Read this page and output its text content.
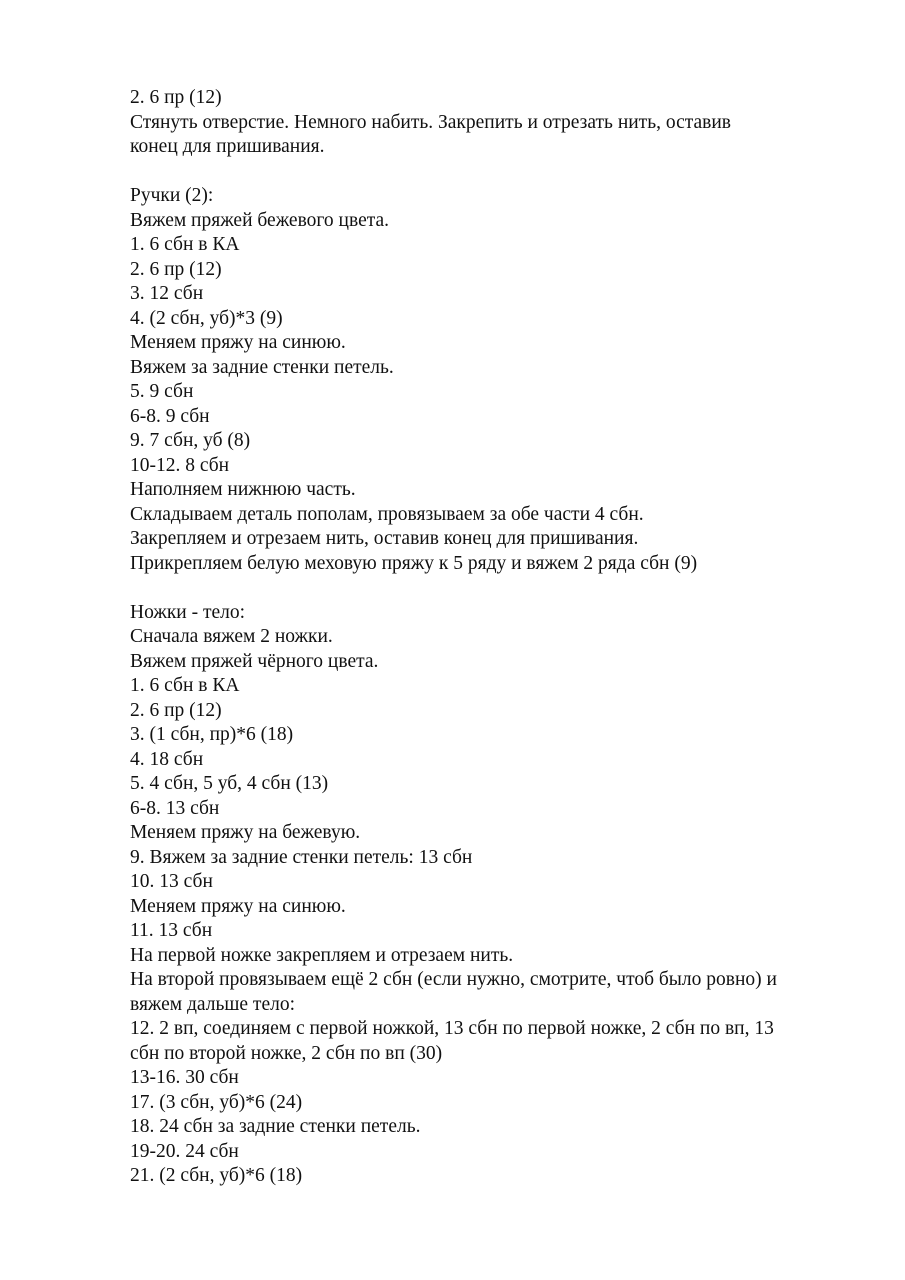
2. 6 пр (12)
Стянуть отверстие. Немного набить. Закрепить и отрезать нить, оставив
конец для пришивания.
Ручки (2):
Вяжем пряжей бежевого цвета.
1. 6 сбн в КА
2. 6 пр (12)
3. 12 сбн
4. (2 сбн, уб)*3 (9)
Меняем пряжу на синюю.
Вяжем за задние стенки петель.
5. 9 сбн
6-8. 9 сбн
9. 7 сбн, уб (8)
10-12. 8 сбн
Наполняем нижнюю часть.
Складываем деталь пополам, провязываем за обе части 4 сбн.
Закрепляем и отрезаем нить, оставив конец для пришивания.
Прикрепляем белую меховую пряжу к 5 ряду и вяжем 2 ряда сбн (9)
Ножки - тело:
Сначала вяжем 2 ножки.
Вяжем пряжей чёрного цвета.
1. 6 сбн в КА
2. 6 пр (12)
3. (1 сбн, пр)*6 (18)
4. 18 сбн
5. 4 сбн, 5 уб, 4 сбн (13)
6-8. 13 сбн
Меняем пряжу на бежевую.
9. Вяжем за задние стенки петель: 13 сбн
10. 13 сбн
Меняем пряжу на синюю.
11. 13 сбн
На первой ножке закрепляем и отрезаем нить.
На второй провязываем ещё 2 сбн (если нужно, смотрите, чтоб было ровно) и
вяжем дальше тело:
12. 2 вп, соединяем с первой ножкой, 13 сбн по первой ножке, 2 сбн по вп, 13
сбн по второй ножке, 2 сбн по вп (30)
13-16. 30 сбн
17. (3 сбн, уб)*6 (24)
18. 24 сбн за задние стенки петель.
19-20. 24 сбн
21. (2 сбн, уб)*6 (18)
